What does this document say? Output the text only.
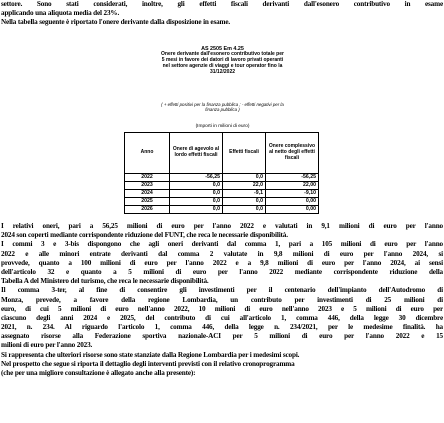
settore. Sono stati considerati, inoltre, gli effetti fiscali derivanti dall'esonero contributivo in esame
applicando una aliquota media del 23%.
Nella tabella seguente è riportato l'onere derivante dalla disposizione in esame.
AS 2505 Em 4.25
Onere derivante dall'esonero contributivo totale per
5 mesi in favore dei datori di lavoro privati operanti
nel settore agenzie di viaggi e tour operator fino la
31/12/2022
( + effetti positivi per la finanza pubblica ; - effetti negativi per la
finanza pubblica )
(Importi in milioni di euro)
Anno	Onere di agevolo al lordo effetti fiscali	Effetti fiscali	Onere complessivo al netto degli effetti fiscali
2022	-56,25	0,0	-56,25
2023	0,0	22,0	22,00
2024	0,0	-9,1	-9,10
2025	0,0	0,0	0,00
2026	0,0	0,0	0,00
I relativi oneri, pari a 56,25 milioni di euro per l'anno 2022 e valutati in 9,1 milioni di euro per l'anno
2024 son coperti mediante corrispondente riduzione del FUNT, che reca le necessarie disponibilità.
I commi 3 e 3-bis dispongono che agli oneri derivanti dal comma 1, pari a 105 milioni di euro per l'anno
2022 e alle minori entrate derivanti dal comma 2 valutate in 9,8 milioni di euro per l'anno 2024, si
provvede, quanto a 100 milioni di euro per l'anno 2022 e a 9,8 milioni di euro per l'anno 2024, ai sensi
dell'articolo 32 e quanto a 5 milioni di euro per l'anno 2022 mediante corrispondente riduzione della
Tabella A del Ministero del turismo, che reca le necessarie disponibilità.
Il comma 3-ter, al fine di consentire gli investimenti per il centenario dell'impianto dell'Autodromo di
Monza, prevede, a favore della regione Lombardia, un contributo per investimenti di 25 milioni di
euro, di cui 5 milioni di euro nell'anno 2022, 10 milioni di euro nell'anno 2023 e 5 milioni di euro per
ciascuno degli anni 2024 e 2025, del contributo di cui all'articolo 1, comma 446, della legge 30 dicembre
2021, n. 234. Al riguardo l'articolo 1, comma 446, della legge n. 234/2021, per le medesime finalità. ha
assegnato risorse alla Federazione sportiva nazionale-ACI per 5 milioni di euro per l'anno 2022 e 15
milioni di euro per l'anno 2023.
Si rappresenta che ulteriori risorse sono state stanziate dalla Regione Lombardia per i medesimi scopi.
Nel prospetto che segue si riporta il dettaglio degli interventi previsti con il relativo cronoprogramma
(che per una migliore consultazione è allegato anche alla presente):
